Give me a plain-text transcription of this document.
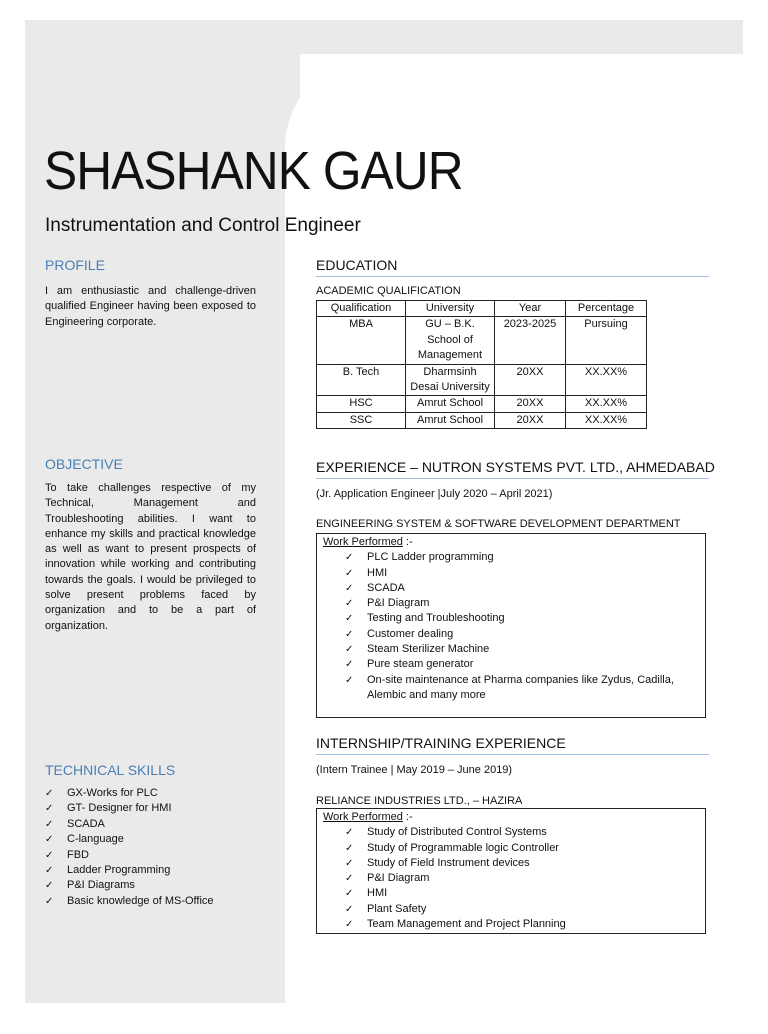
SHASHANK GAUR
Instrumentation and Control Engineer
PROFILE
I am enthusiastic and challenge-driven qualified Engineer having been exposed to Engineering corporate.
OBJECTIVE
To take challenges respective of my Technical, Management and Troubleshooting abilities. I want to enhance my skills and practical knowledge as well as want to present prospects of innovation while working and contributing towards the goals. I would be privileged to solve present problems faced by organization and to be a part of organization.
TECHNICAL SKILLS
✓	GX-Works for PLC
✓	GT- Designer for HMI
✓	SCADA
✓	C-language
✓	FBD
✓	Ladder Programming
✓	P&I Diagrams
✓	Basic knowledge of MS-Office
EDUCATION
ACADEMIC QUALIFICATION
Qualification	University	Year	Percentage
MBA	GU – B.K. School of Management	2023-2025	Pursuing
B. Tech	Dharmsinh Desai University	20XX	XX.XX%
HSC	Amrut School	20XX	XX.XX%
SSC	Amrut School	20XX	XX.XX%
EXPERIENCE – NUTRON SYSTEMS PVT. LTD., AHMEDABAD
(Jr. Application Engineer |July 2020 – April 2021)
ENGINEERING SYSTEM & SOFTWARE DEVELOPMENT DEPARTMENT
Work Performed :-
✓	PLC Ladder programming
✓	HMI
✓	SCADA
✓	P&I Diagram
✓	Testing and Troubleshooting
✓	Customer dealing
✓	Steam Sterilizer Machine
✓	Pure steam generator
✓	On-site maintenance at Pharma companies like Zydus, Cadilla, Alembic and many more
INTERNSHIP/TRAINING EXPERIENCE
(Intern Trainee | May 2019 – June 2019)
RELIANCE INDUSTRIES LTD., – HAZIRA
Work Performed :-
✓	Study of Distributed Control Systems
✓	Study of Programmable logic Controller
✓	Study of Field Instrument devices
✓	P&I Diagram
✓	HMI
✓	Plant Safety
✓	Team Management and Project Planning
